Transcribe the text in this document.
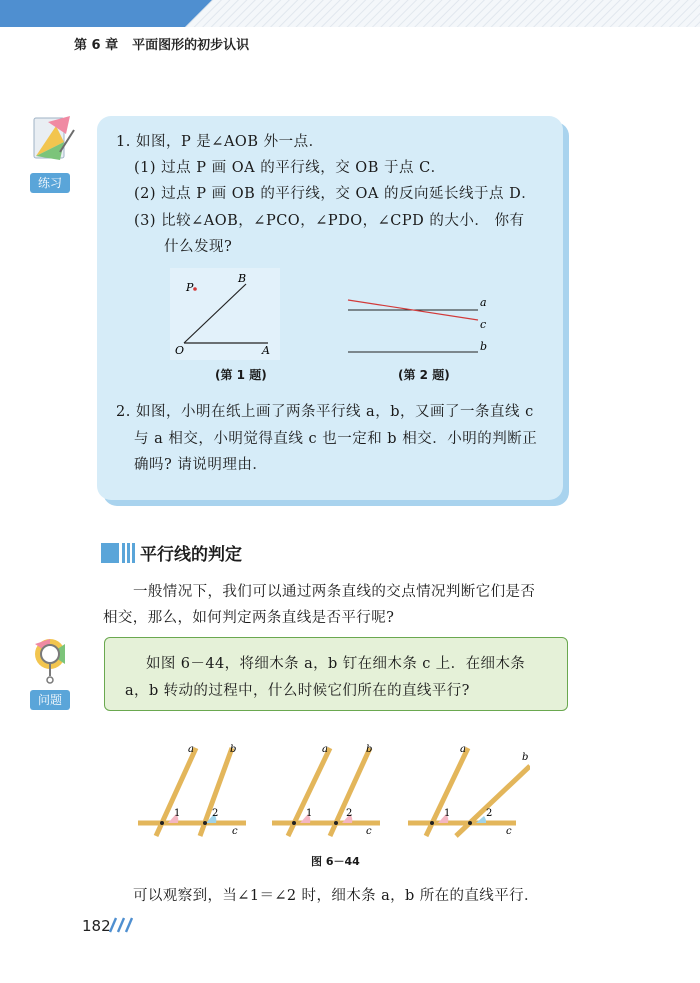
第 6 章 平面图形的初步认识
练习
1. 如图，P 是∠AOB 外一点．
(1) 过点 P 画 OA 的平行线，交 OB 于点 C．
(2) 过点 P 画 OB 的平行线，交 OA 的反向延长线于点 D．
(3) 比较∠AOB，∠PCO，∠PDO，∠CPD 的大小． 你有
什么发现?
P
B
O	A
(第 1 题)
a
c
b
(第 2 题)
2. 如图，小明在纸上画了两条平行线 a，b，又画了一条直线 c
与 a 相交，小明觉得直线 c 也一定和 b 相交．小明的判断正
确吗? 请说明理由．
平行线的判定
一般情况下，我们可以通过两条直线的交点情况判断它们是否
相交，那么，如何判定两条直线是否平行呢?
问题
如图 6－44，将细木条 a，b 钉在细木条 c 上．在细木条
a，b 转动的过程中，什么时候它们所在的直线平行?
a	b
1	2
c
a	b
1	2
c
a
b
1	2
c
图 6－44
可以观察到，当∠1＝∠2 时，细木条 a，b 所在的直线平行．
182
